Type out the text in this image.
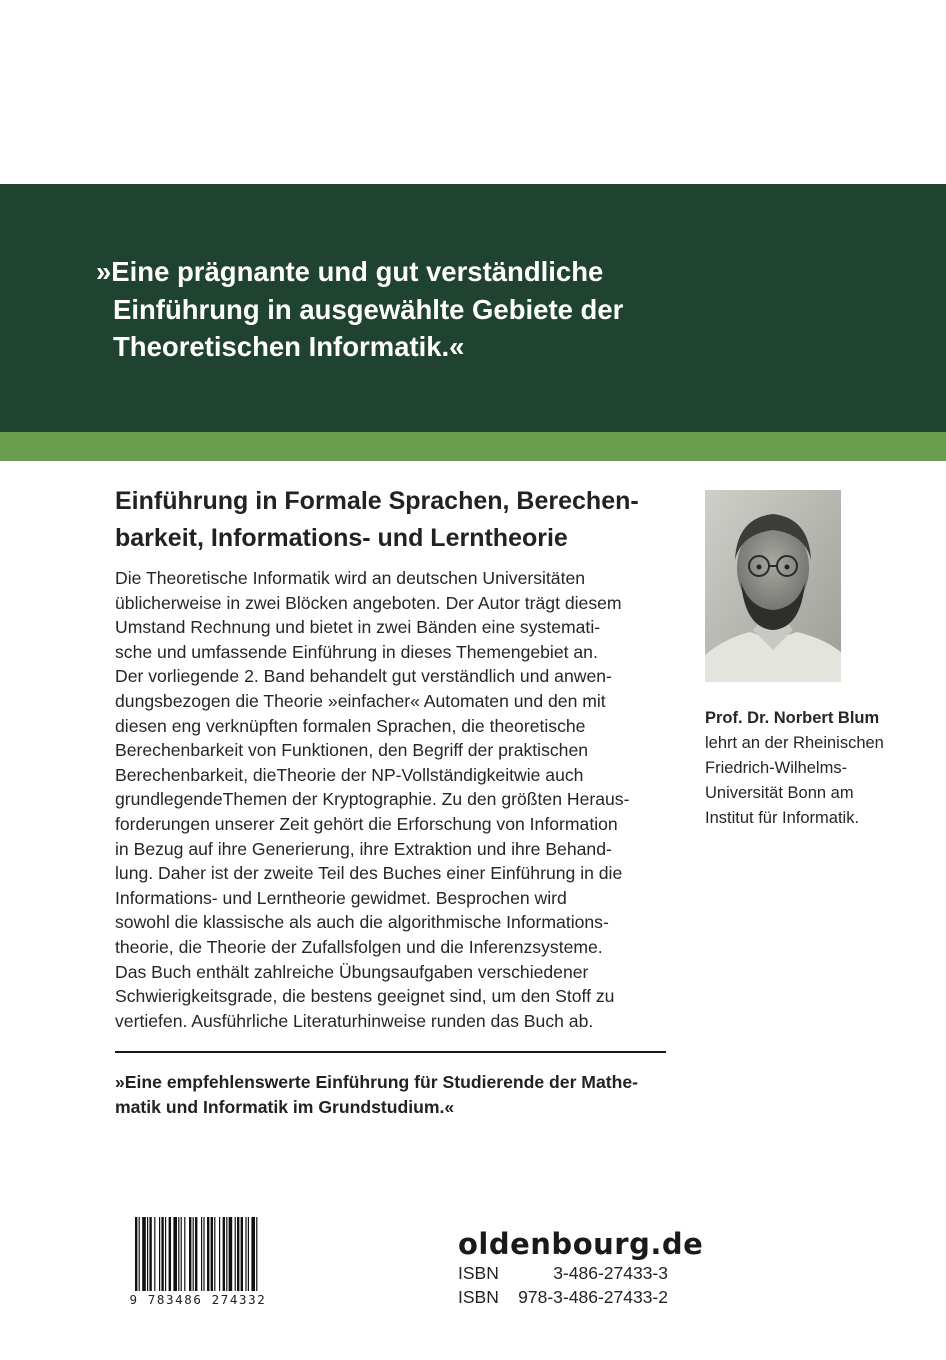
»Eine prägnante und gut verständliche
Einführung in ausgewählte Gebiete der
Theoretischen Informatik.«
Einführung in Formale Sprachen, Berechen-
barkeit, Informations- und Lerntheorie
Die Theoretische Informatik wird an deutschen Universitäten
üblicherweise in zwei Blöcken angeboten. Der Autor trägt diesem
Umstand Rechnung und bietet in zwei Bänden eine systemati-
sche und umfassende Einführung in dieses Themengebiet an.
Der vorliegende 2. Band behandelt gut verständlich und anwen-
dungsbezogen die Theorie »einfacher« Automaten und den mit
diesen eng verknüpften formalen Sprachen, die theoretische
Berechenbarkeit von Funktionen, den Begriff der praktischen
Berechenbarkeit, dieTheorie der NP-Vollständigkeitwie auch
grundlegendeThemen der Kryptographie. Zu den größten Heraus-
forderungen unserer Zeit gehört die Erforschung von Information
in Bezug auf ihre Generierung, ihre Extraktion und ihre Behand-
lung. Daher ist der zweite Teil des Buches einer Einführung in die
Informations- und Lerntheorie gewidmet. Besprochen wird
sowohl die klassische als auch die algorithmische Informations-
theorie, die Theorie der Zufallsfolgen und die Inferenzsysteme.
Das Buch enthält zahlreiche Übungsaufgaben verschiedener
Schwierigkeitsgrade, die bestens geeignet sind, um den Stoff zu
vertiefen. Ausführliche Literaturhinweise runden das Buch ab.
»Eine empfehlenswerte Einführung für Studierende der Mathe-
matik und Informatik im Grundstudium.«
Prof. Dr. Norbert Blum
lehrt an der Rheinischen
Friedrich-Wilhelms-
Universität Bonn am
Institut für Informatik.
9 783486 274332
oldenbourg.de
ISBN	3-486-27433-3
ISBN 978-3-486-27433-2
